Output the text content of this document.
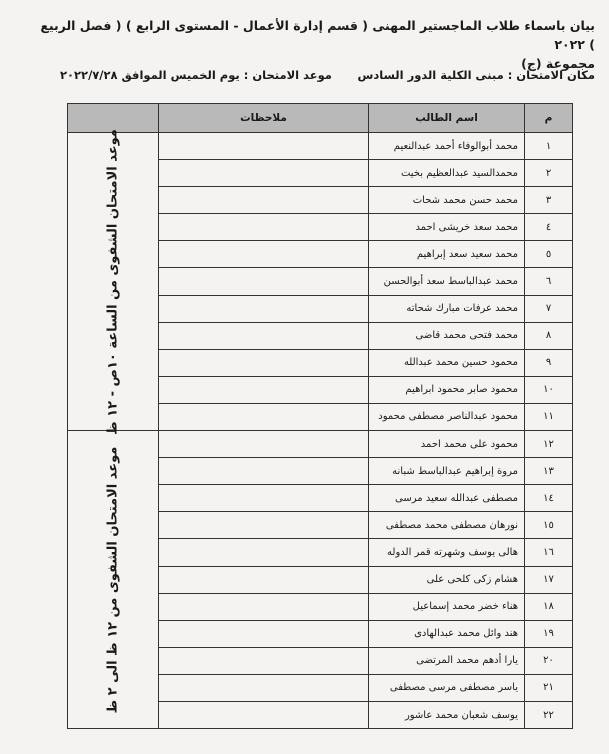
بيان باسماء طلاب الماجستير المهنى ( قسم إدارة الأعمال - المستوى الرابع ) ( فصل الربيع ) ٢٠٢٢
مجموعة (ج)
مكان الامتحان : مبنى الكلية الدور السادس
موعد الامتحان : يوم الخميس الموافق ٢٠٢٢/٧/٢٨
م	اسم الطالب	ملاحظات	
١	محمد أبوالوفاء أحمد عبدالنعيم		موعد الامتحان الشفوى من الساعة ١٠ص - ١٢ ظ

٢	محمدالسيد عبدالعظيم بخيت		
٣	محمد حسن محمد شحات		
٤	محمد سعد خريشى احمد		
٥	محمد سعيد سعد إبراهيم		
٦	محمد عبدالباسط سعد أبوالحسن		
٧	محمد عرفات مبارك شحاته		
٨	محمد فتحى محمد قاضى		
٩	محمود حسين محمد عبدالله		
١٠	محمود صابر محمود ابراهيم		
١١	محمود عبدالناصر مصطفى محمود		
١٢	محمود على محمد احمد		موعد الامتحان الشفوى من ١٢ ظ الى ٢ ظ

١٣	مروة إبراهيم عبدالباسط شبانه		
١٤	مصطفى عبدالله سعيد مرسى		
١٥	نورهان مصطفى محمد مصطفى		
١٦	هالى يوسف وشهرته قمر الدوله		
١٧	هشام زكى كلحى على		
١٨	هناء خضر محمد إسماعيل		
١٩	هند وائل محمد عبدالهادى		
٢٠	يارا أدهم محمد المرتضى		
٢١	ياسر مصطفى مرسى مصطفى		
٢٢	يوسف شعبان محمد عاشور		
